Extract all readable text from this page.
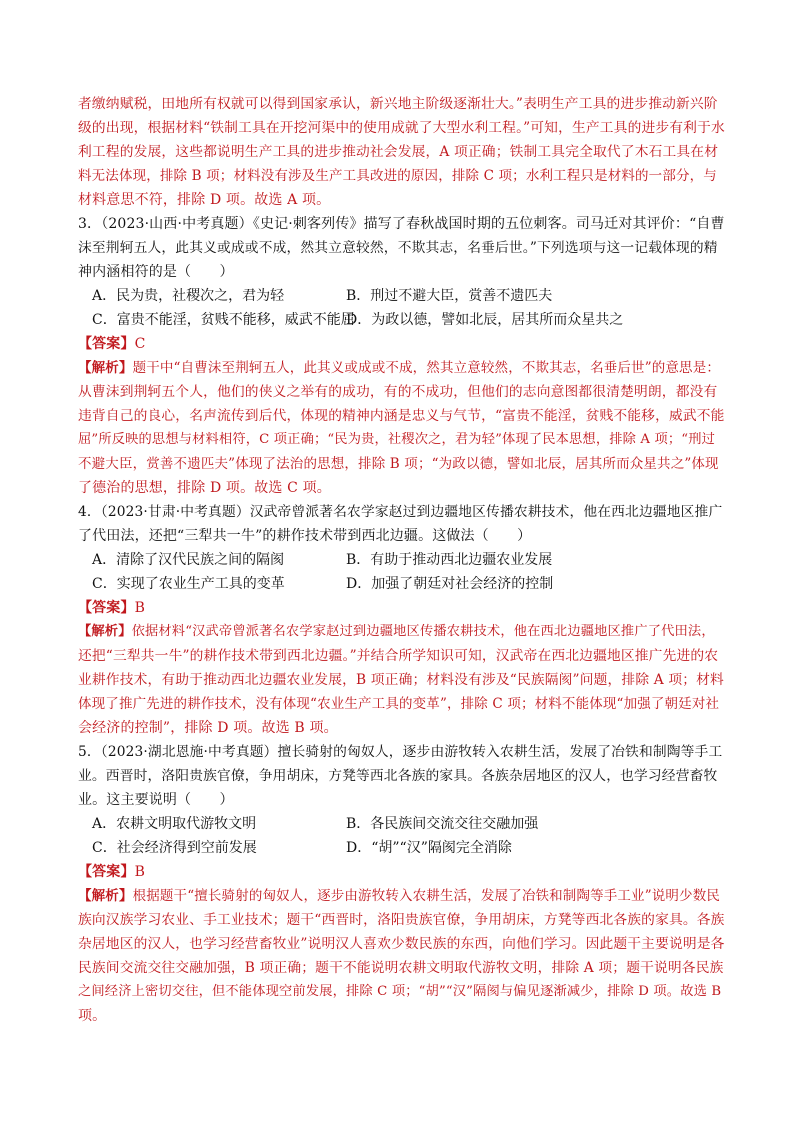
者缴纳赋税，田地所有权就可以得到国家承认，新兴地主阶级逐渐壮大。”表明生产工具的进步推动新兴阶
级的出现，根据材料“铁制工具在开挖河渠中的使用成就了大型水利工程。”可知，生产工具的进步有利于水
利工程的发展，这些都说明生产工具的进步推动社会发展，A 项正确；铁制工具完全取代了木石工具在材
料无法体现，排除 B 项；材料没有涉及生产工具改进的原因，排除 C 项；水利工程只是材料的一部分，与
材料意思不符，排除 D 项。故选 A 项。
3．（2023·山西·中考真题）《史记·刺客列传》描写了春秋战国时期的五位刺客。司马迁对其评价：“自曹
沫至荆轲五人，此其义或成或不成，然其立意较然，不欺其志，名垂后世。”下列选项与这一记载体现的精
神内涵相符的是（　　）
A．民为贵，社稷次之，君为轻	B．刑过不避大臣，赏善不遗匹夫
C．富贵不能淫，贫贱不能移，威武不能屈
D．为政以德，譬如北辰，居其所而众星共之
【答案】C
【解析】题干中“自曹沫至荆轲五人，此其义或成或不成，然其立意较然，不欺其志，名垂后世”的意思是：
从曹沫到荆轲五个人，他们的侠义之举有的成功，有的不成功，但他们的志向意图都很清楚明朗，都没有
违背自己的良心，名声流传到后代，体现的精神内涵是忠义与气节，“富贵不能淫，贫贱不能移，威武不能
屈”所反映的思想与材料相符，C 项正确；“民为贵，社稷次之，君为轻”体现了民本思想，排除 A 项；“刑过
不避大臣，赏善不遗匹夫”体现了法治的思想，排除 B 项；“为政以德，譬如北辰，居其所而众星共之”体现
了德治的思想，排除 D 项。故选 C 项。
4．（2023·甘肃·中考真题）汉武帝曾派著名农学家赵过到边疆地区传播农耕技术，他在西北边疆地区推广
了代田法，还把“三犁共一牛”的耕作技术带到西北边疆。这做法（　　）
A．清除了汉代民族之间的隔阂	B．有助于推动西北边疆农业发展
C．实现了农业生产工具的变革	D．加强了朝廷对社会经济的控制
【答案】B
【解析】依据材料“汉武帝曾派著名农学家赵过到边疆地区传播农耕技术，他在西北边疆地区推广了代田法，
还把“三犁共一牛”的耕作技术带到西北边疆。”并结合所学知识可知，汉武帝在西北边疆地区推广先进的农
业耕作技术，有助于推动西北边疆农业发展，B 项正确；材料没有涉及“民族隔阂”问题，排除 A 项；材料
体现了推广先进的耕作技术，没有体现“农业生产工具的变革”，排除 C 项；材料不能体现“加强了朝廷对社
会经济的控制”，排除 D 项。故选 B 项。
5．（2023·湖北恩施·中考真题）擅长骑射的匈奴人，逐步由游牧转入农耕生活，发展了冶铁和制陶等手工
业。西晋时，洛阳贵族官僚，争用胡床，方凳等西北各族的家具。各族杂居地区的汉人，也学习经营畜牧
业。这主要说明（　　）
A．农耕文明取代游牧文明	B．各民族间交流交往交融加强
C．社会经济得到空前发展	D．“胡”“汉”隔阂完全消除
【答案】B
【解析】根据题干“擅长骑射的匈奴人，逐步由游牧转入农耕生活，发展了冶铁和制陶等手工业”说明少数民
族向汉族学习农业、手工业技术；题干“西晋时，洛阳贵族官僚，争用胡床，方凳等西北各族的家具。各族
杂居地区的汉人，也学习经营畜牧业”说明汉人喜欢少数民族的东西，向他们学习。因此题干主要说明是各
民族间交流交往交融加强，B 项正确；题干不能说明农耕文明取代游牧文明，排除 A 项；题干说明各民族
之间经济上密切交往，但不能体现空前发展，排除 C 项；“胡”“汉”隔阂与偏见逐渐减少，排除 D 项。故选 B
项。
